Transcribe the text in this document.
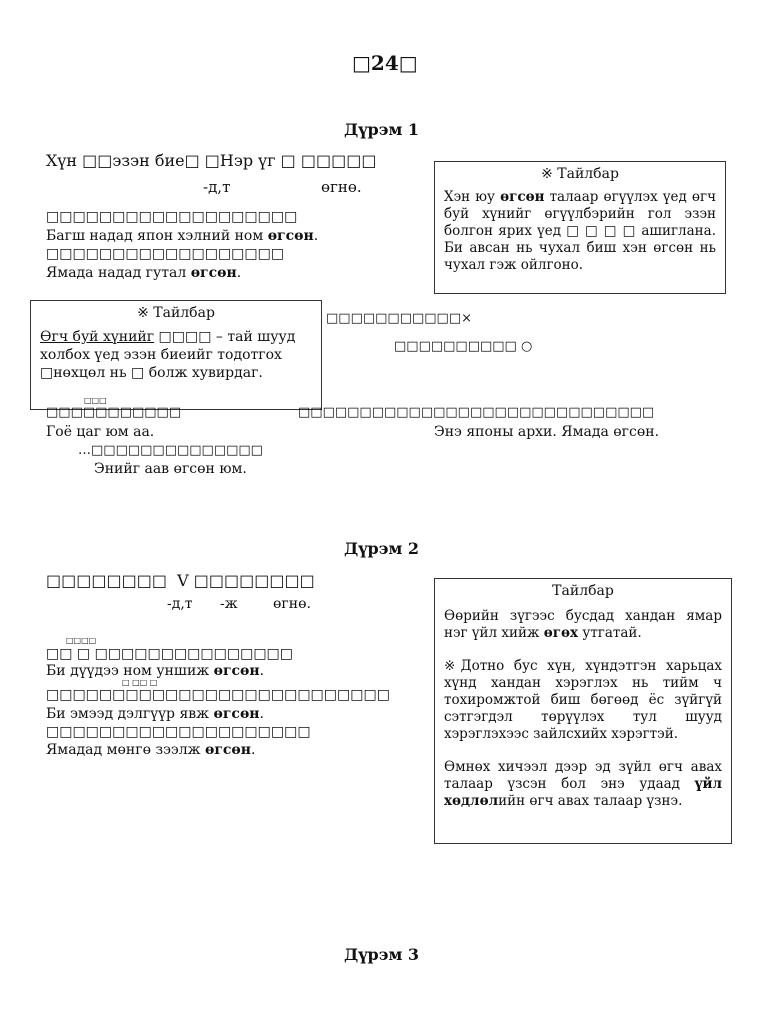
□24□
Дүрэм 1
Хүн □□эзэн бие□ □Нэр үг □ □□□□□
-д,т	өгнө.
□□□□□□□□□□□□□□□□□□□
Багш надад япон хэлний ном өгсөн.
□□□□□□□□□□□□□□□□□□
Ямада надад гутал өгсөн.
※ Тайлбар
Хэн юу өгсөн талаар өгүүлэх үед өгч буй хүнийг өгүүлбэрийн гол эзэн болгон ярих үед □ □ □ □ ашиглана. Би авсан нь чухал биш хэн өгсөн нь чухал гэж ойлгоно.
※ Тайлбар
Өгч буй хүнийг □□□□ – тай шууд
холбох үед эзэн биеийг тодотгох
□нөхцөл нь □ болж хувирдаг.
□□□□□□□□□□□×
□□□□□□□□□□ ○
□□□
□□□□□□□□□□□
Гоё цаг юм аа.
…□□□□□□□□□□□□□□
Энийг аав өгсөн юм.
□□□□□□□□□□□□□□□□□□□□□□□□□□□□□
Энэ японы архи. Ямада өгсөн.
Дүрэм 2
□□□□□□□□ V □□□□□□□□
-д,т -ж	өгнө.
□□□□
□□ □ □□□□□□□□□□□□□□□
Би дүүдээ ном уншиж өгсөн.
□ □□ □
□□□□□□□□□□□□□□□□□□□□□□□□□□
Би эмээд дэлгүүр явж өгсөн.
□□□□□□□□□□□□□□□□□□□□
Ямадад мөнгө зээлж өгсөн.
Тайлбар
Өөрийн зүгээс бусдад хандан ямар нэг үйл хийж өгөх утгатай.
※Дотно бус хүн, хүндэтгэн харьцах хүнд хандан хэрэглэх нь тийм ч тохиромжтой биш бөгөөд ёс зүйгүй сэтгэгдэл төрүүлэх тул шууд хэрэглэхээс зайлсхийх хэрэгтэй.
Өмнөх хичээл дээр эд зүйл өгч авах талаар үзсэн бол энэ удаад үйл хөдлөлийн өгч авах талаар үзнэ.
Дүрэм 3
